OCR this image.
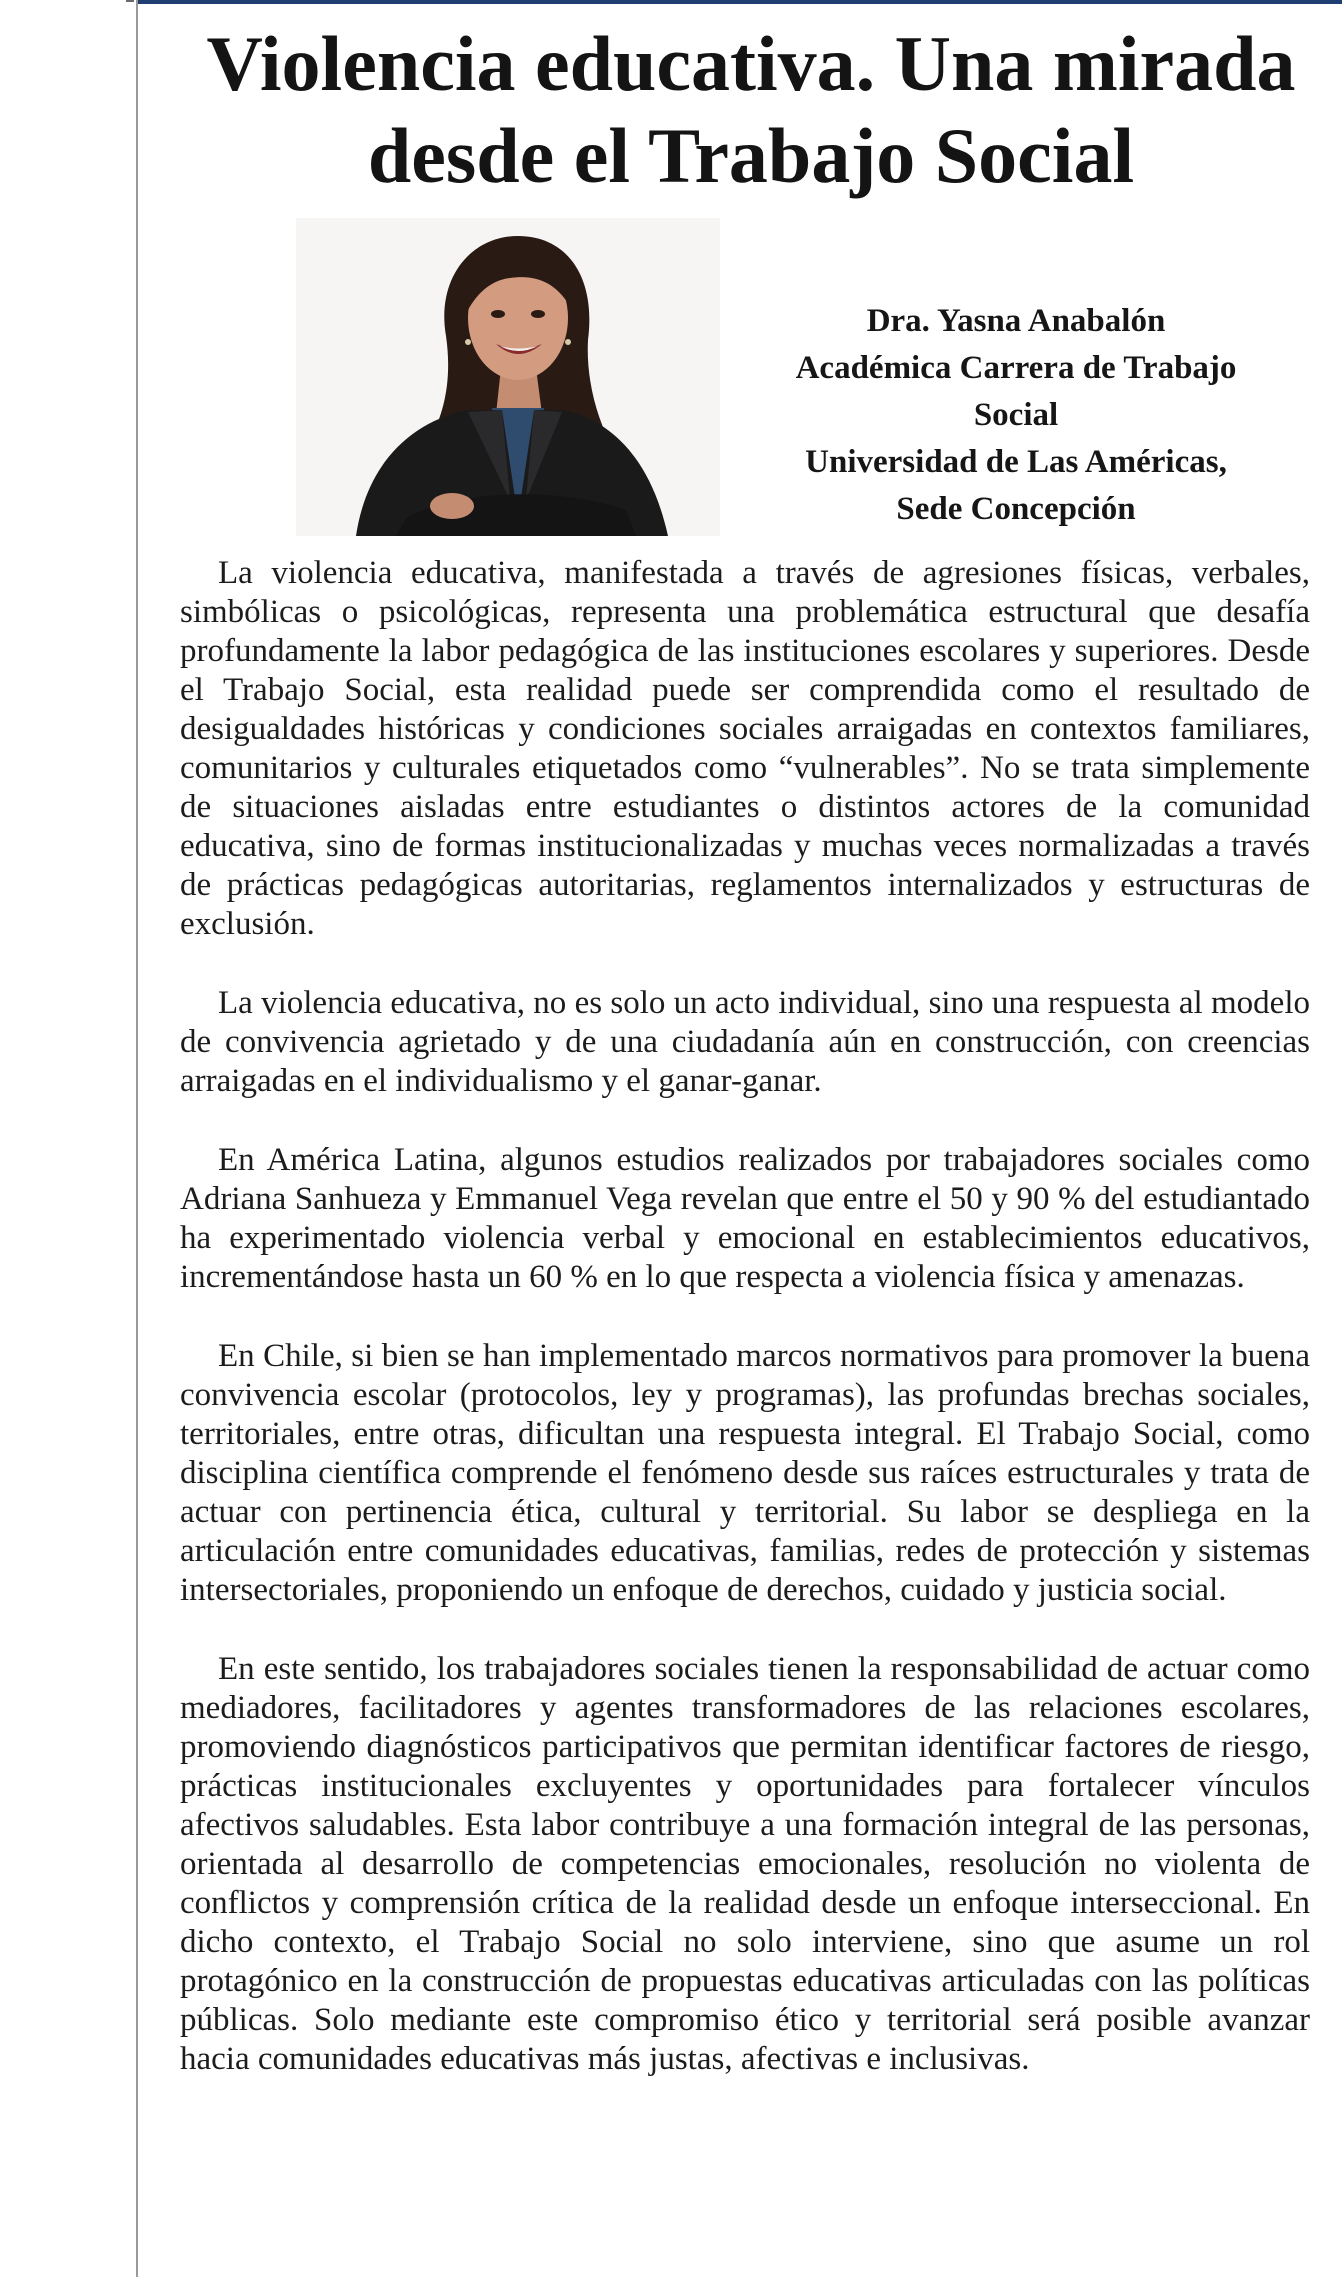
Violencia educativa. Una mirada desde el Trabajo Social
Dra. Yasna Anabalón
Académica Carrera de Trabajo
Social
Universidad de Las Américas,
Sede Concepción

La violencia educativa, manifestada a través de agresiones físicas, verbales, simbólicas o psicológicas, representa una problemática estructural que desafía profundamente la labor pedagógica de las instituciones escolares y superiores. Desde el Trabajo Social, esta realidad puede ser comprendida como el resultado de desigualdades históricas y condiciones sociales arraigadas en contextos familiares, comunitarios y culturales etiquetados como “vulnerables”. No se trata simplemente de situaciones aisladas entre estudiantes o distintos actores de la comunidad educativa, sino de formas institucionalizadas y muchas veces normalizadas a través de prácticas pedagógicas autoritarias, reglamentos internalizados y estructuras de exclusión.

La violencia educativa, no es solo un acto individual, sino una respuesta al modelo de convivencia agrietado y de una ciudadanía aún en construcción, con creencias arraigadas en el individualismo y el ganar-ganar.

En América Latina, algunos estudios realizados por trabajadores sociales como Adriana Sanhueza y Emmanuel Vega revelan que entre el 50 y 90 % del estudiantado ha experimentado violencia verbal y emocional en establecimientos educativos, incrementándose hasta un 60 % en lo que respecta a violencia física y amenazas.

En Chile, si bien se han implementado marcos normativos para promover la buena convivencia escolar (protocolos, ley y programas), las profundas brechas sociales, territoriales, entre otras, dificultan una respuesta integral. El Trabajo Social, como disciplina científica comprende el fenómeno desde sus raíces estructurales y trata de actuar con pertinencia ética, cultural y territorial. Su labor se despliega en la articulación entre comunidades educativas, familias, redes de protección y sistemas intersectoriales, proponiendo un enfoque de derechos, cuidado y justicia social.

En este sentido, los trabajadores sociales tienen la responsabilidad de actuar como mediadores, facilitadores y agentes transformadores de las relaciones escolares, promoviendo diagnósticos participativos que permitan identificar factores de riesgo, prácticas institucionales excluyentes y oportunidades para fortalecer vínculos afectivos saludables. Esta labor contribuye a una formación integral de las personas, orientada al desarrollo de competencias emocionales, resolución no violenta de conflictos y comprensión crítica de la realidad desde un enfoque interseccional. En dicho contexto, el Trabajo Social no solo interviene, sino que asume un rol protagónico en la construcción de propuestas educativas articuladas con las políticas públicas. Solo mediante este compromiso ético y territorial será posible avanzar hacia comunidades educativas más justas, afectivas e inclusivas.
